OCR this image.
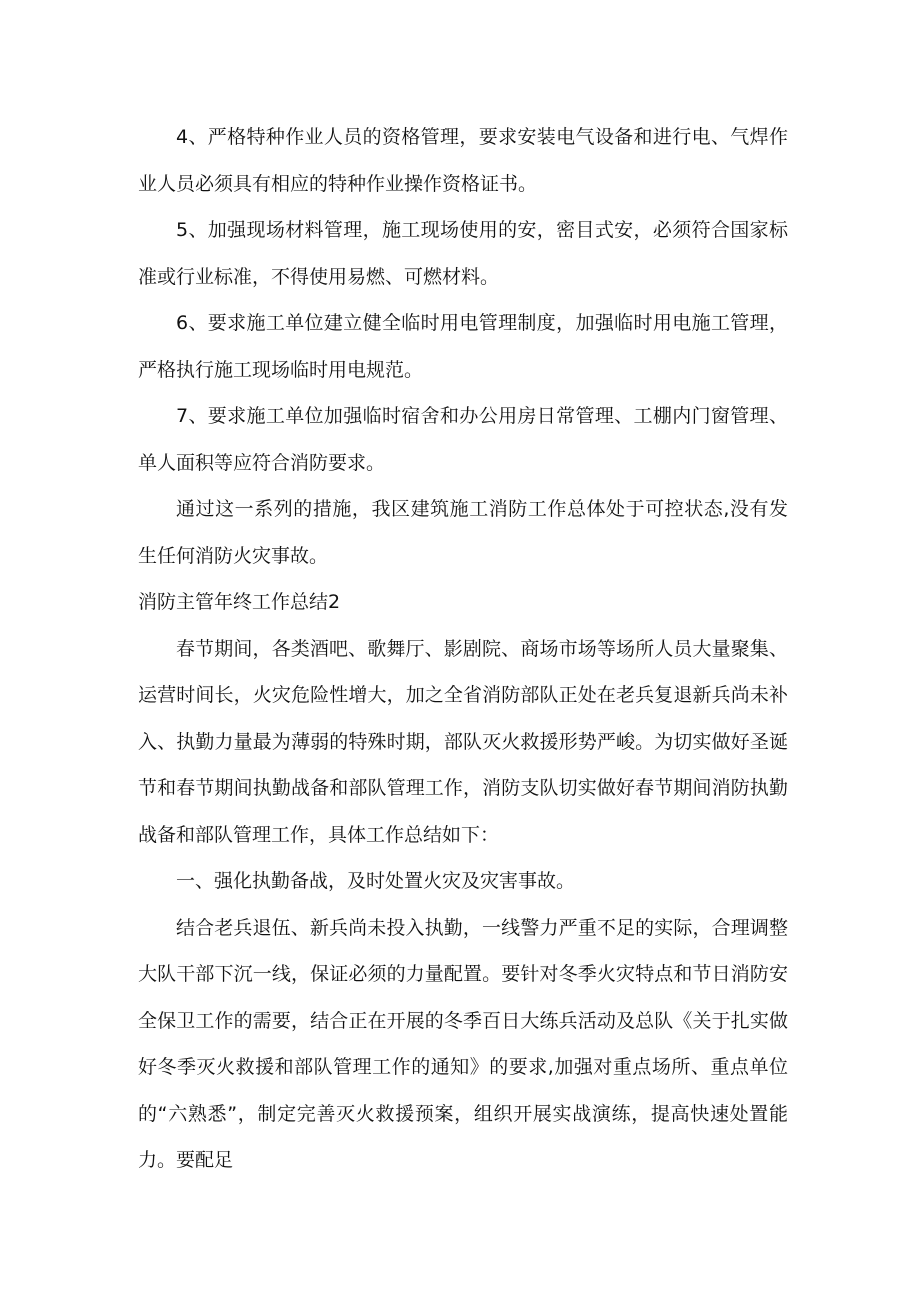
4、严格特种作业人员的资格管理，要求安装电气设备和进行电、气焊作业人员必须具有相应的特种作业操作资格证书。

5、加强现场材料管理，施工现场使用的安，密目式安，必须符合国家标准或行业标准，不得使用易燃、可燃材料。

6、要求施工单位建立健全临时用电管理制度，加强临时用电施工管理，严格执行施工现场临时用电规范。

7、要求施工单位加强临时宿舍和办公用房日常管理、工棚内门窗管理、单人面积等应符合消防要求。

通过这一系列的措施，我区建筑施工消防工作总体处于可控状态,没有发生任何消防火灾事故。

消防主管年终工作总结2

春节期间，各类酒吧、歌舞厅、影剧院、商场市场等场所人员大量聚集、运营时间长，火灾危险性增大，加之全省消防部队正处在老兵复退新兵尚未补入、执勤力量最为薄弱的特殊时期，部队灭火救援形势严峻。为切实做好圣诞节和春节期间执勤战备和部队管理工作，消防支队切实做好春节期间消防执勤战备和部队管理工作，具体工作总结如下：

一、强化执勤备战，及时处置火灾及灾害事故。

结合老兵退伍、新兵尚未投入执勤，一线警力严重不足的实际，合理调整大队干部下沉一线，保证必须的力量配置。要针对冬季火灾特点和节日消防安全保卫工作的需要，结合正在开展的冬季百日大练兵活动及总队《关于扎实做好冬季灭火救援和部队管理工作的通知》的要求,加强对重点场所、重点单位的“六熟悉”，制定完善灭火救援预案，组织开展实战演练，提高快速处置能力。要配足
